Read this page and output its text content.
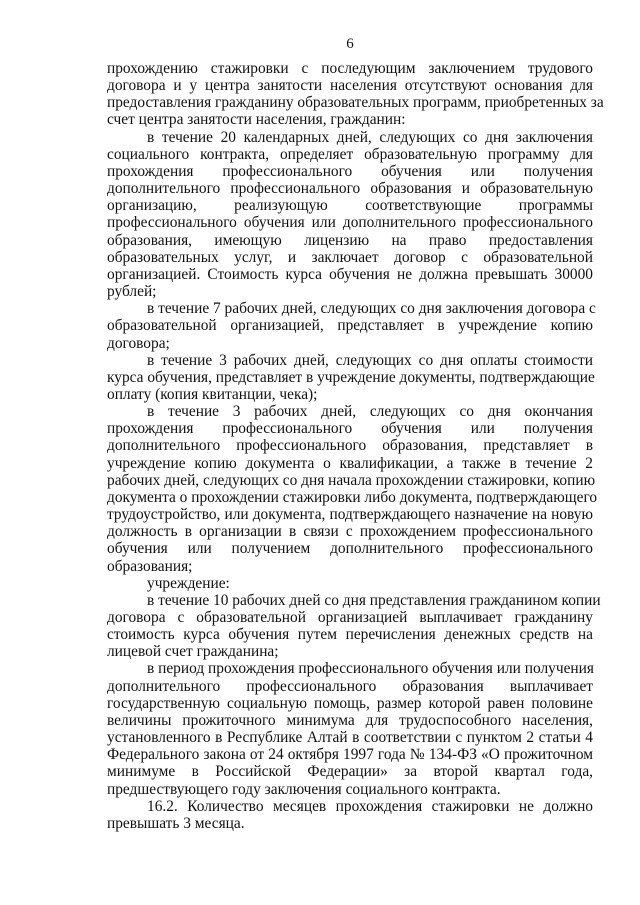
6
прохождению стажировки с последующим заключением трудового
договора и у центра занятости населения отсутствуют основания для
предоставления гражданину образовательных программ, приобретенных за
счет центра занятости населения, гражданин:
в течение 20 календарных дней, следующих со дня заключения
социального контракта, определяет образовательную программу для
прохождения профессионального обучения или получения
дополнительного профессионального образования и образовательную
организацию, реализующую соответствующие программы
профессионального обучения или дополнительного профессионального
образования, имеющую лицензию на право предоставления
образовательных услуг, и заключает договор с образовательной
организацией. Стоимость курса обучения не должна превышать 30000
рублей;
в течение 7 рабочих дней, следующих со дня заключения договора с
образовательной организацией, представляет в учреждение копию
договора;
в течение 3 рабочих дней, следующих со дня оплаты стоимости
курса обучения, представляет в учреждение документы, подтверждающие
оплату (копия квитанции, чека);
в течение 3 рабочих дней, следующих со дня окончания
прохождения профессионального обучения или получения
дополнительного профессионального образования, представляет в
учреждение копию документа о квалификации, а также в течение 2
рабочих дней, следующих со дня начала прохождении стажировки, копию
документа о прохождении стажировки либо документа, подтверждающего
трудоустройство, или документа, подтверждающего назначение на новую
должность в организации в связи с прохождением профессионального
обучения или получением дополнительного профессионального
образования;
учреждение:
в течение 10 рабочих дней со дня представления гражданином копии
договора с образовательной организацией выплачивает гражданину
стоимость курса обучения путем перечисления денежных средств на
лицевой счет гражданина;
в период прохождения профессионального обучения или получения
дополнительного профессионального образования выплачивает
государственную социальную помощь, размер которой равен половине
величины прожиточного минимума для трудоспособного населения,
установленного в Республике Алтай в соответствии с пунктом 2 статьи 4
Федерального закона от 24 октября 1997 года № 134-ФЗ «О прожиточном
минимуме в Российской Федерации» за второй квартал года,
предшествующего году заключения социального контракта.
16.2. Количество месяцев прохождения стажировки не должно
превышать 3 месяца.
